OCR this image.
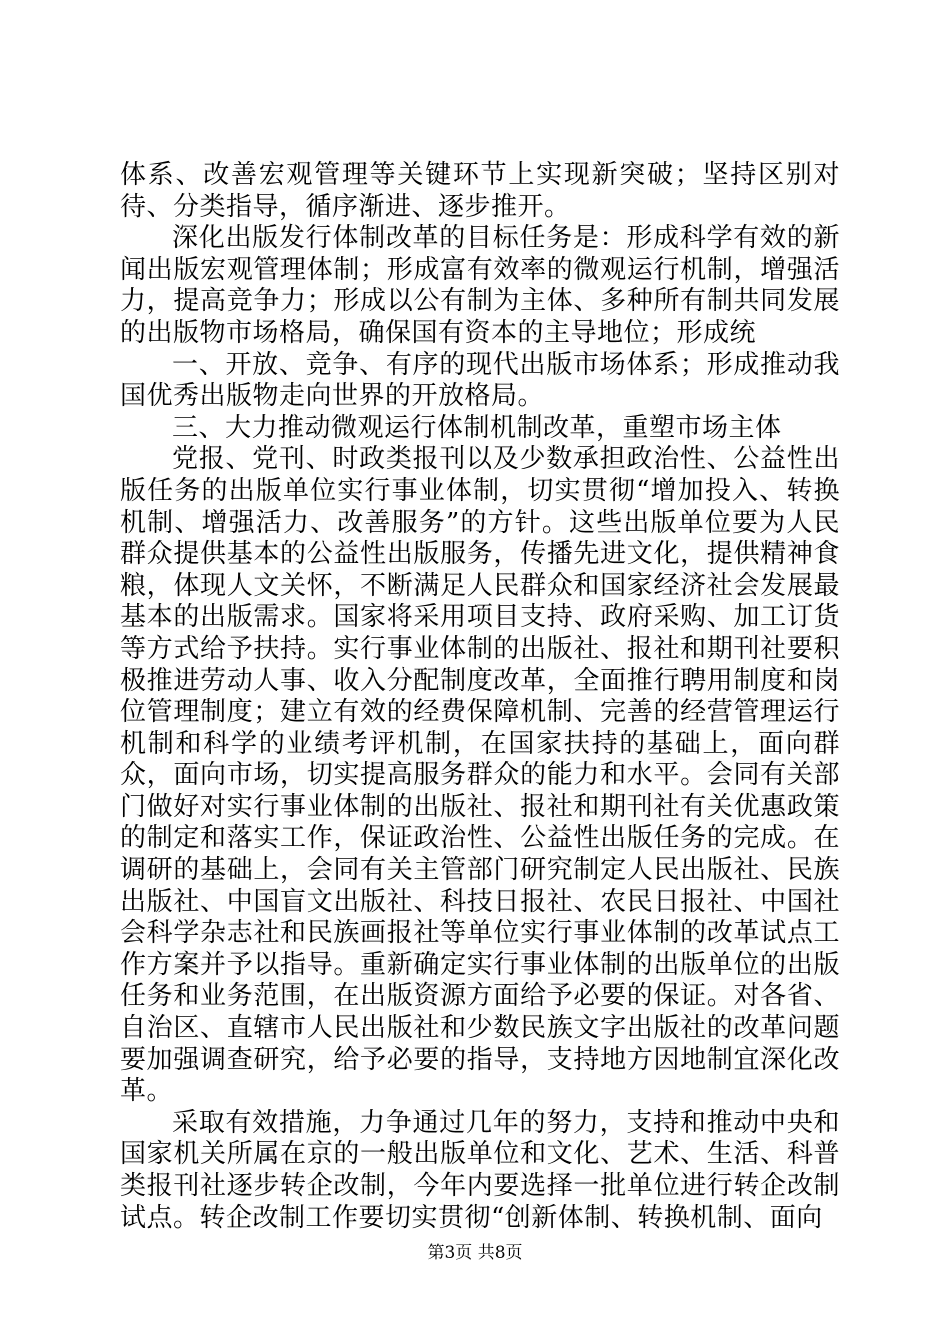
体系、改善宏观管理等关键环节上实现新突破；坚持区别对待、分类指导，循序渐进、逐步推开。

深化出版发行体制改革的目标任务是：形成科学有效的新闻出版宏观管理体制；形成富有效率的微观运行机制，增强活力，提高竞争力；形成以公有制为主体、多种所有制共同发展的出版物市场格局，确保国有资本的主导地位；形成统

一、开放、竞争、有序的现代出版市场体系；形成推动我国优秀出版物走向世界的开放格局。

三、大力推动微观运行体制机制改革，重塑市场主体

党报、党刊、时政类报刊以及少数承担政治性、公益性出版任务的出版单位实行事业体制，切实贯彻“增加投入、转换机制、增强活力、改善服务”的方针。这些出版单位要为人民群众提供基本的公益性出版服务，传播先进文化，提供精神食粮，体现人文关怀，不断满足人民群众和国家经济社会发展最基本的出版需求。国家将采用项目支持、政府采购、加工订货等方式给予扶持。实行事业体制的出版社、报社和期刊社要积极推进劳动人事、收入分配制度改革，全面推行聘用制度和岗位管理制度；建立有效的经费保障机制、完善的经营管理运行机制和科学的业绩考评机制，在国家扶持的基础上，面向群众，面向市场，切实提高服务群众的能力和水平。会同有关部门做好对实行事业体制的出版社、报社和期刊社有关优惠政策的制定和落实工作，保证政治性、公益性出版任务的完成。在调研的基础上，会同有关主管部门研究制定人民出版社、民族出版社、中国盲文出版社、科技日报社、农民日报社、中国社会科学杂志社和民族画报社等单位实行事业体制的改革试点工作方案并予以指导。重新确定实行事业体制的出版单位的出版任务和业务范围，在出版资源方面给予必要的保证。对各省、自治区、直辖市人民出版社和少数民族文字出版社的改革问题要加强调查研究，给予必要的指导，支持地方因地制宜深化改革。

采取有效措施，力争通过几年的努力，支持和推动中央和国家机关所属在京的一般出版单位和文化、艺术、生活、科普类报刊社逐步转企改制，今年内要选择一批单位进行转企改制试点。转企改制工作要切实贯彻“创新体制、转换机制、面向

第3页 共8页
